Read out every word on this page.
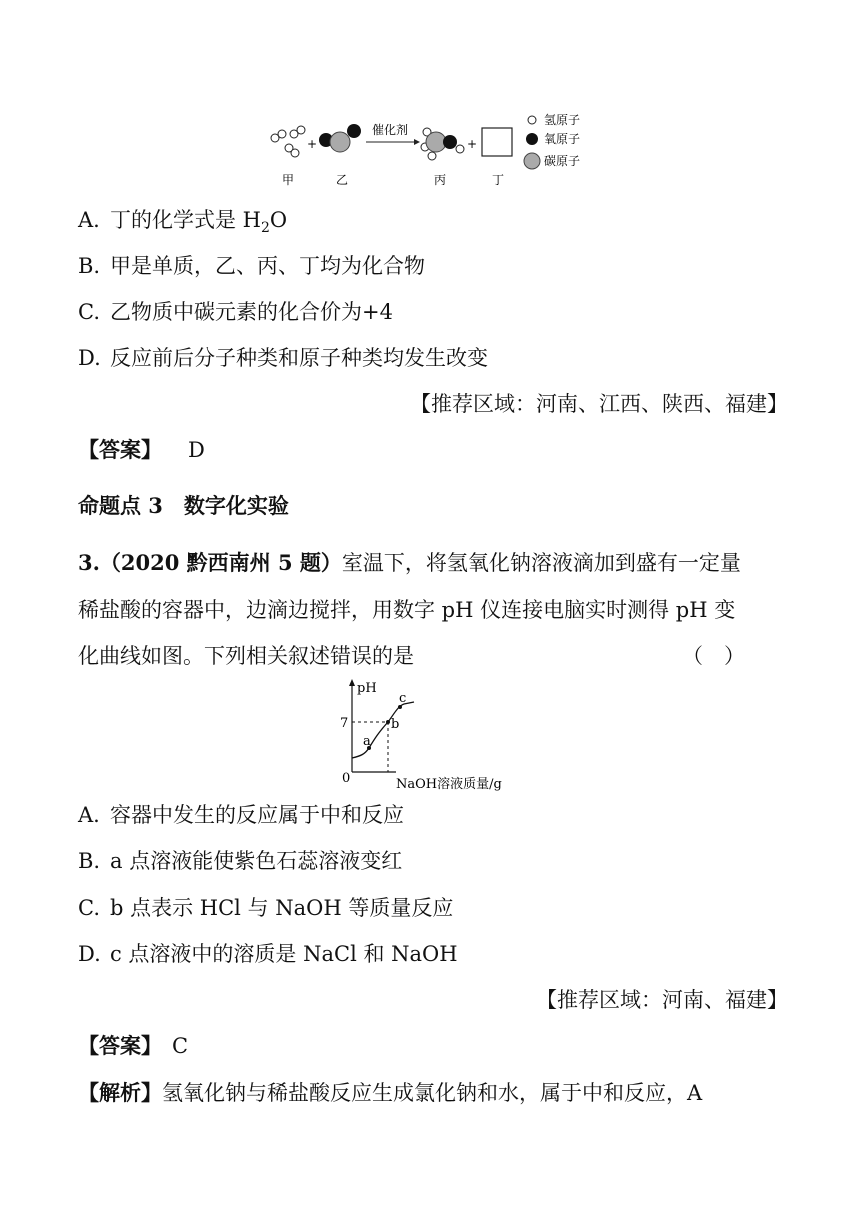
+
催化剂
+
氢原子
氧原子
碳原子
甲	乙	丙	丁
A. 丁的化学式是 $H_2O$
B. 甲是单质，乙、丙、丁均为化合物
C. 乙物质中碳元素的化合价为+4
D. 反应前后分子种类和原子种类均发生改变
【推荐区域：河南、江西、陕西、福建】
【答案】 D
命题点 3　数字化实验
3.（2020 黔西南州 5 题）室温下，将氢氧化钠溶液滴加到盛有一定量
稀盐酸的容器中，边滴边搅拌，用数字 pH 仪连接电脑实时测得 pH 变
化曲线如图。下列相关叙述错误的是	（　）
pH
7
0	NaOH溶液质量/g
a
b
c
A. 容器中发生的反应属于中和反应
B. a 点溶液能使紫色石蕊溶液变红
C. b 点表示 HCl 与 NaOH 等质量反应
D. c 点溶液中的溶质是 NaCl 和 NaOH
【推荐区域：河南、福建】
【答案】 C
【解析】氢氧化钠与稀盐酸反应生成氯化钠和水，属于中和反应，A
